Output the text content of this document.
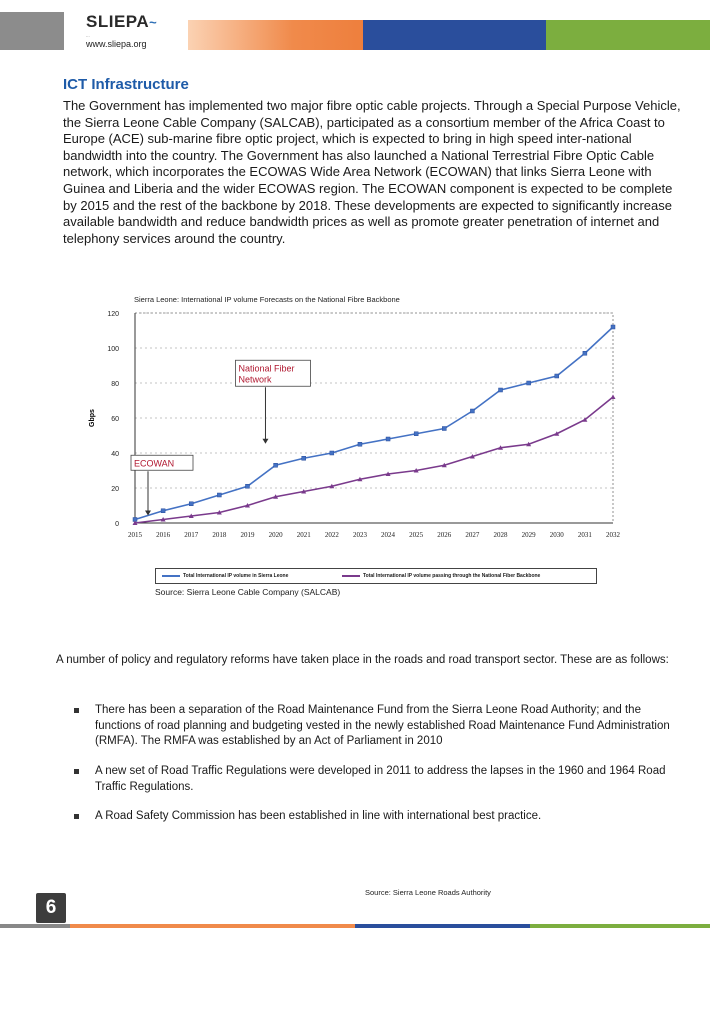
SLIEPA~
...
www.sliepa.org
ICT Infrastructure
The Government has implemented two major fibre optic cable projects. Through a Special Purpose Vehicle, the Sierra Leone Cable Company (SALCAB), participated as a consortium member of the Africa Coast to Europe (ACE) sub-marine fibre optic project, which is expected to bring in high speed inter-national bandwidth into the country. The Government has also launched a National Terrestrial Fibre Optic Cable network, which incorporates the ECOWAS Wide Area Network (ECOWAN) that links Sierra Leone with Guinea and Liberia and the wider ECOWAS region. The ECOWAN component is expected to be complete by 2015 and the rest of the backbone by 2018. These developments are expected to significantly increase available bandwidth and reduce bandwidth prices as well as promote greater penetration of internet and telephony services around the country.
Sierra Leone: International IP volume Forecasts on the National Fibre Backbone
0
20
40
60
80
100
120
Gbps
2015 2016 2017 2018 2019 2020 2021 2022 2023 2024 2025 2026 2027 2028 2029 2030 2031 2032
ECOWAN
National Fiber
Network
Total International IP volume in Sierra Leone	Total International IP volume passing through the National Fiber Backbone
Source: Sierra Leone Cable Company (SALCAB)
A number of policy and regulatory reforms have taken place in the roads and road transport sector. These are as follows:
There has been a separation of the Road Maintenance Fund from the Sierra Leone Road Authority; and the functions of road planning and budgeting vested in the newly established Road Maintenance Fund Administration (RMFA). The RMFA was established by an Act of Parliament in 2010
A new set of Road Traffic Regulations were developed in 2011 to address the lapses in the 1960 and 1964 Road Traffic Regulations.
A Road Safety Commission has been established in line with international best practice.
Source: Sierra Leone Roads Authority
6
